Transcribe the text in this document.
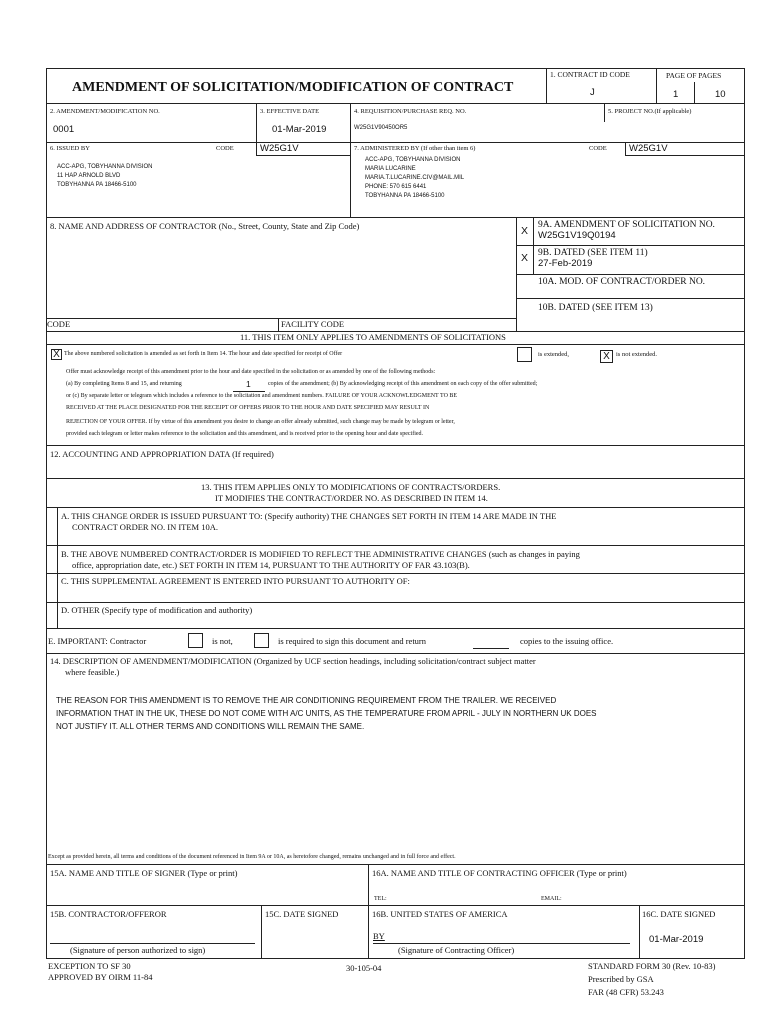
AMENDMENT OF SOLICITATION/MODIFICATION OF CONTRACT
1. CONTRACT ID CODE
J
PAGE OF PAGES
1	10
2. AMENDMENT/MODIFICATION NO.
0001
3. EFFECTIVE DATE
01-Mar-2019
4. REQUISITION/PURCHASE REQ. NO.
W25G1V90450OR5
5. PROJECT NO.(If applicable)
6. ISSUED BY	CODE	W25G1V
ACC-APG, TOBYHANNA DIVISION
11 HAP ARNOLD BLVD
TOBYHANNA PA 18466-5100
7. ADMINISTERED BY (If other than item 6)	CODE W25G1V
ACC-APG, TOBYHANNA DIVISION
MARIA LUCARINE
MARIA.T.LUCARINE.CIV@MAIL.MIL
PHONE: 570 615 6441
TOBYHANNA PA 18466-5100
8. NAME AND ADDRESS OF CONTRACTOR (No., Street, County, State and Zip Code)	X 9A. AMENDMENT OF SOLICITATION NO.
W25G1V19Q0194
X 9B. DATED (SEE ITEM 11)
27-Feb-2019
10A. MOD. OF CONTRACT/ORDER NO.
10B. DATED (SEE ITEM 13)
CODE	FACILITY CODE
11. THIS ITEM ONLY APPLIES TO AMENDMENTS OF SOLICITATIONS
X The above numbered solicitation is amended as set forth in Item 14. The hour and date specified for receipt of Offer	is extended,	X is not extended.
Offer must acknowledge receipt of this amendment prior to the hour and date specified in the solicitation or as amended by one of the following methods:
(a) By completing Items 8 and 15, and returning	1	copies of the amendment; (b) By acknowledging receipt of this amendment on each copy of the offer submitted;
or (c) By separate letter or telegram which includes a reference to the solicitation and amendment numbers. FAILURE OF YOUR ACKNOWLEDGMENT TO BE
RECEIVED AT THE PLACE DESIGNATED FOR THE RECEIPT OF OFFERS PRIOR TO THE HOUR AND DATE SPECIFIED MAY RESULT IN
REJECTION OF YOUR OFFER. If by virtue of this amendment you desire to change an offer already submitted, such change may be made by telegram or letter,
provided each telegram or letter makes reference to the solicitation and this amendment, and is received prior to the opening hour and date specified.
12. ACCOUNTING AND APPROPRIATION DATA (If required)
13. THIS ITEM APPLIES ONLY TO MODIFICATIONS OF CONTRACTS/ORDERS.
IT MODIFIES THE CONTRACT/ORDER NO. AS DESCRIBED IN ITEM 14.
A. THIS CHANGE ORDER IS ISSUED PURSUANT TO: (Specify authority) THE CHANGES SET FORTH IN ITEM 14 ARE MADE IN THE
CONTRACT ORDER NO. IN ITEM 10A.
B. THE ABOVE NUMBERED CONTRACT/ORDER IS MODIFIED TO REFLECT THE ADMINISTRATIVE CHANGES (such as changes in paying
office, appropriation date, etc.) SET FORTH IN ITEM 14, PURSUANT TO THE AUTHORITY OF FAR 43.103(B).
C. THIS SUPPLEMENTAL AGREEMENT IS ENTERED INTO PURSUANT TO AUTHORITY OF:
D. OTHER (Specify type of modification and authority)
E. IMPORTANT: Contractor	is not,	is required to sign this document and return	copies to the issuing office.
14. DESCRIPTION OF AMENDMENT/MODIFICATION (Organized by UCF section headings, including solicitation/contract subject matter
where feasible.)
THE REASON FOR THIS AMENDMENT IS TO REMOVE THE AIR CONDITIONING REQUIREMENT FROM THE TRAILER. WE RECEIVED
INFORMATION THAT IN THE UK, THESE DO NOT COME WITH A/C UNITS, AS THE TEMPERATURE FROM APRIL - JULY IN NORTHERN UK DOES
NOT JUSTIFY IT. ALL OTHER TERMS AND CONDITIONS WILL REMAIN THE SAME.
Except as provided herein, all terms and conditions of the document referenced in Item 9A or 10A, as heretofore changed, remains unchanged and in full force and effect.
15A. NAME AND TITLE OF SIGNER (Type or print)	16A. NAME AND TITLE OF CONTRACTING OFFICER (Type or print)
TEL:	EMAIL:
15B. CONTRACTOR/OFFEROR	15C. DATE SIGNED	16B. UNITED STATES OF AMERICA	16C. DATE SIGNED
BY	01-Mar-2019
(Signature of person authorized to sign)	(Signature of Contracting Officer)
EXCEPTION TO SF 30
APPROVED BY OIRM 11-84
30-105-04	STANDARD FORM 30 (Rev. 10-83)
Prescribed by GSA
FAR (48 CFR) 53.243
